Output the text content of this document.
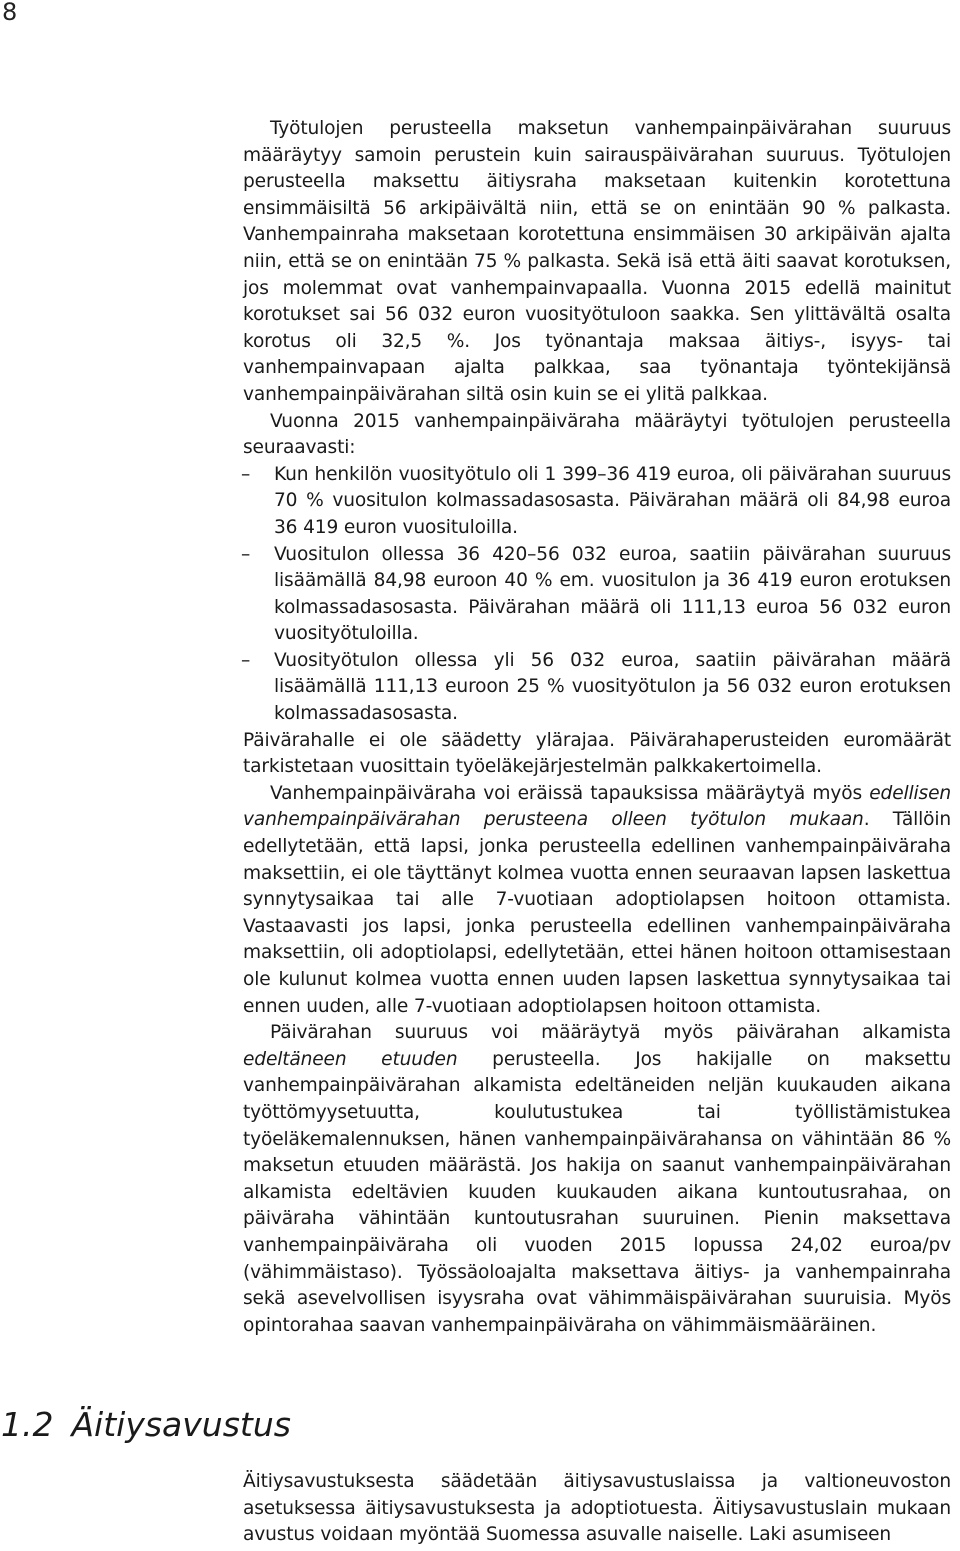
8

Työtulojen perusteella maksetun vanhempainpäivärahan suuruus määräytyy samoin perustein kuin sairauspäivärahan suuruus. Työtulojen perusteella maksettu äitiysraha maksetaan kuitenkin korotettuna ensimmäisiltä 56 arkipäivältä niin, että se on enintään 90 % palkasta. Vanhempainraha maksetaan korotettuna ensimmäisen 30 arkipäivän ajalta niin, että se on enintään 75 % palkasta. Sekä isä että äiti saavat korotuksen, jos molemmat ovat vanhempainvapaalla. Vuonna 2015 edellä mainitut korotukset sai 56 032 euron vuosityötuloon saakka. Sen ylittävältä osalta korotus oli 32,5 %. Jos työnantaja maksaa äitiys-, isyys- tai vanhempainvapaan ajalta palkkaa, saa työnantaja työntekijänsä vanhempainpäivärahan siltä osin kuin se ei ylitä palkkaa.

Vuonna 2015 vanhempainpäiväraha määräytyi työtulojen perusteella seuraavasti:

– Kun henkilön vuosityötulo oli 1 399–36 419 euroa, oli päivärahan suuruus 70 % vuositulon kolmassadasosasta. Päivärahan määrä oli 84,98 euroa 36 419 euron vuosituloilla.
– Vuositulon ollessa 36 420–56 032 euroa, saatiin päivärahan suuruus lisäämällä 84,98 euroon 40 % em. vuositulon ja 36 419 euron erotuksen kolmassadasosasta. Päivärahan määrä oli 111,13 euroa 56 032 euron vuosityötuloilla.
– Vuosityötulon ollessa yli 56 032 euroa, saatiin päivärahan määrä lisäämällä 111,13 euroon 25 % vuosityötulon ja 56 032 euron erotuksen kolmassadasosasta.

Päivärahalle ei ole säädetty ylärajaa. Päivärahaperusteiden euromäärät tarkistetaan vuosittain työeläkejärjestelmän palkkakertoimella.

Vanhempainpäiväraha voi eräissä tapauksissa määräytyä myös edellisen vanhempainpäivärahan perusteena olleen työtulon mukaan. Tällöin edellytetään, että lapsi, jonka perusteella edellinen vanhempainpäiväraha maksettiin, ei ole täyttänyt kolmea vuotta ennen seuraavan lapsen laskettua synnytysaikaa tai alle 7-vuotiaan adoptiolapsen hoitoon ottamista. Vastaavasti jos lapsi, jonka perusteella edellinen vanhempainpäiväraha maksettiin, oli adoptiolapsi, edellytetään, ettei hänen hoitoon ottamisestaan ole kulunut kolmea vuotta ennen uuden lapsen laskettua synnytysaikaa tai ennen uuden, alle 7-vuotiaan adoptiolapsen hoitoon ottamista.

Päivärahan suuruus voi määräytyä myös päivärahan alkamista edeltäneen etuuden perusteella. Jos hakijalle on maksettu vanhempainpäivärahan alkamista edeltäneiden neljän kuukauden aikana työttömyysetuutta, koulutustukea tai työllistämistukea työeläkemalennuksen, hänen vanhempainpäivärahansa on vähintään 86 % maksetun etuuden määrästä. Jos hakija on saanut vanhempainpäivärahan alkamista edeltävien kuuden kuukauden aikana kuntoutusrahaa, on päiväraha vähintään kuntoutusrahan suuruinen. Pienin maksettava vanhempainpäiväraha oli vuoden 2015 lopussa 24,02 euroa/pv (vähimmäistaso). Työssäoloajalta maksettava äitiys- ja vanhempainraha sekä asevelvollisen isyysraha ovat vähimmäispäivärahan suuruisia. Myös opintorahaa saavan vanhempainpäiväraha on vähimmäismääräinen.

1.2 Äitiysavustus

Äitiysavustuksesta säädetään äitiysavustuslaissa ja valtioneuvoston asetuksessa äitiysavustuksesta ja adoptiotuesta. Äitiysavustuslain mukaan avustus voidaan myöntää Suomessa asuvalle naiselle. Laki asumiseen
